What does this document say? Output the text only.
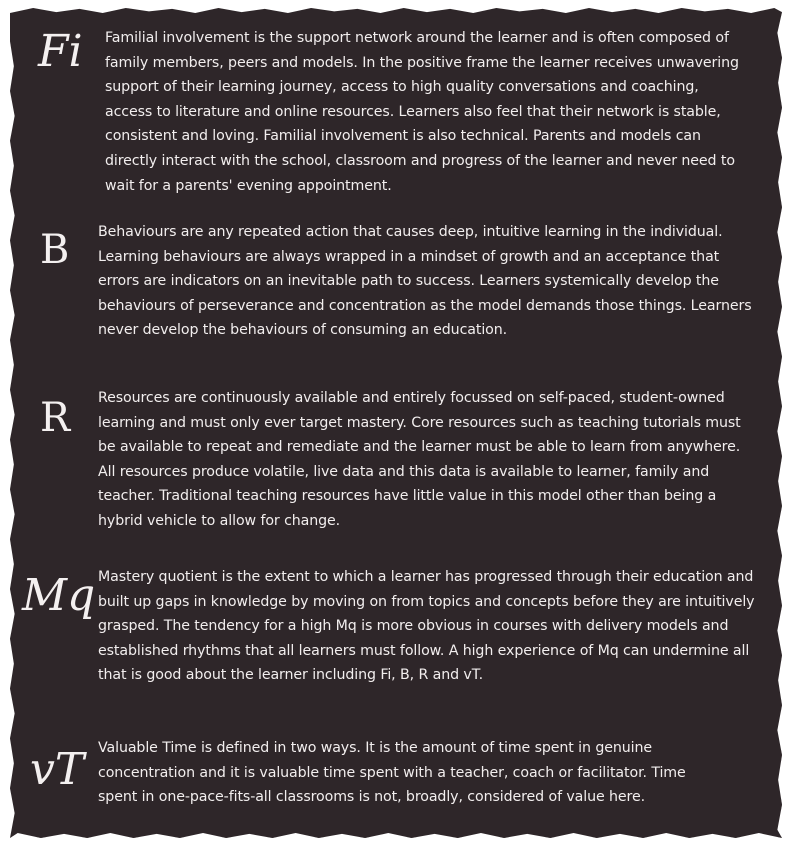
Fi Familial involvement is the support network around the learner and is often composed of family members, peers and models. In the positive frame the learner receives unwavering support of their learning journey, access to high quality conversations and coaching, access to literature and online resources. Learners also feel that their network is stable, consistent and loving. Familial involvement is also technical. Parents and models can directly interact with the school, classroom and progress of the learner and never need to wait for a parents' evening appointment.
B Behaviours are any repeated action that causes deep, intuitive learning in the individual. Learning behaviours are always wrapped in a mindset of growth and an acceptance that errors are indicators on an inevitable path to success. Learners systemically develop the behaviours of perseverance and concentration as the model demands those things. Learners never develop the behaviours of consuming an education.
R Resources are continuously available and entirely focussed on self-paced, student-owned learning and must only ever target mastery. Core resources such as teaching tutorials must be available to repeat and remediate and the learner must be able to learn from anywhere. All resources produce volatile, live data and this data is available to learner, family and teacher. Traditional teaching resources have little value in this model other than being a hybrid vehicle to allow for change.
Mq Mastery quotient is the extent to which a learner has progressed through their education and built up gaps in knowledge by moving on from topics and concepts before they are intuitively grasped. The tendency for a high Mq is more obvious in courses with delivery models and established rhythms that all learners must follow. A high experience of Mq can undermine all that is good about the learner including Fi, B, R and vT.
vT Valuable Time is defined in two ways. It is the amount of time spent in genuine concentration and it is valuable time spent with a teacher, coach or facilitator. Time spent in one-pace-fits-all classrooms is not, broadly, considered of value here.
